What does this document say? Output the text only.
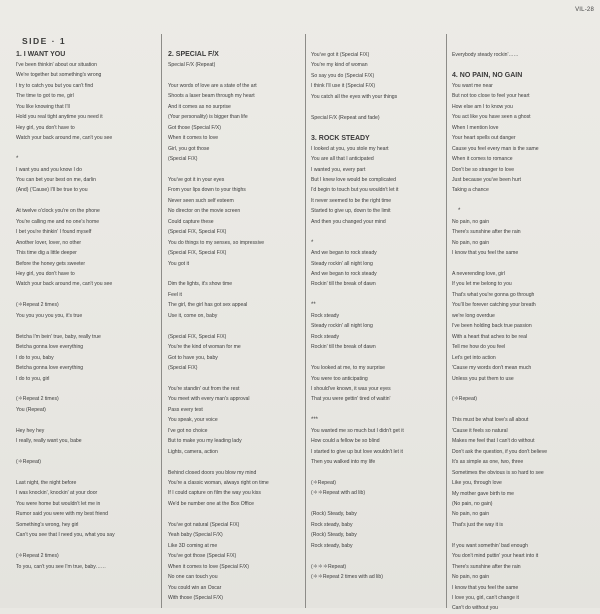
VIL-28
SIDE · 1
1. I WANT YOU
I've been thinkin' about our situation
We're together but something's wrong
I try to catch you but you can't find
The time to got to me, girl
You like knowing that I'll
Hold you real tight anytime you need it
Hey girl, you don't have to
Watch your back around me, can't you see
*
I want you and you know I do
You can bet your best on me, darlin
(And) ('Cause) I'll be true to you
At twelve o'clock you're on the phone
You're calling me and no one's home
I bet you're thinkin' I found myself
Another lover, lover, no other
This time dig a little deeper
Before the honey gets sweeter
Hey girl, you don't have to
Watch your back around me, can't you see
(＊Repeat 2 times)
You you you you you, it's true
Betcha I'm bein' true, baby, really true
Betcha gonna love everything
I do to you, baby
Betcha gonna love everything
I do to you, girl
(＊Repeat 2 times)
You (Repeat)
Hey hey hey
I really, really want you, babe
(＊Repeat)
Last night, the night before
I was knockin', knockin' at your door
You were home but wouldn't let me in
Rumor said you were with my best friend
Something's wrong, hey girl
Can't you see that I need you, what you say
(＊Repeat 2 times)
To you, can't you see I'm true, baby……
2. SPECIAL F/X
Special F/X (Repeat)
Your words of love are a state of the art
Shoots a laser beam through my heart
And it comes as no surprise
(Your personality) is bigger than life
Got those (Special F/X)
When it comes to love
Girl, you got those
(Special F/X)
You've got it in your eyes
From your lips down to your thighs
Never seen such self esteem
No director on the movie screen
Could capture these
(Special F/X, Special F/X)
You do things to my senses, so impressive
(Special F/X, Special F/X)
You got it
Dim the lights, it's show time
Feel it
The girl, the girl has got sex appeal
Use it, come on, baby
(Special F/X, Special F/X)
You're the kind of woman for me
Got to have you, baby
(Special F/X)
You're standin' out from the rest
You meet with every man's approval
Pass every test
You speak, your voice
I've got no choice
But to make you my leading lady
Lights, camera, action
Behind closed doors you blow my mind
You're a classic woman, always right on time
If I could capture on film the way you kiss
We'd be number one at the Box Office
You've got natural (Special F/X)
Yeah baby (Special F/X)
Like 3D coming at me
You've got those (Special F/X)
When it comes to love (Special F/X)
No one can touch you
You could win an Oscar
With those (Special F/X)
You've got it (Special F/X)
You're my kind of woman
So say you do (Special F/X)
I think I'll use it (Special F/X)
You catch all the eyes with your things
Special F/X (Repeat and fade)
3. ROCK STEADY
I looked at you, you stole my heart
You are all that I anticipated
I wanted you, every part
But I knew love would be complicated
I'd begin to touch but you wouldn't let it
It never seemed to be the right time
Started to give up, down to the limit
And then you changed your mind
*
And we began to rock steady
Steady rockin' all night long
And we began to rock steady
Rockin' till the break of dawn
**
Rock steady
Steady rockin' all night long
Rock steady
Rockin' till the break of dawn
You looked at me, to my surprise
You were too anticipating
I should've known, it was your eyes
That you were gettin' tired of waitin'
***
You wanted me so much but I didn't get it
How could a fellow be so blind
I started to give up but love wouldn't let it
Then you walked into my life
(＊Repeat)
(＊＊Repeat with ad lib)
(Rock) Steady, baby
Rock steady, baby
(Rock) Steady, baby
Rock steady, baby
(＊＊＊Repeat)
(＊＊Repeat 2 times with ad lib)
Everybody steady rockin'……
4. NO PAIN, NO GAIN
You want me near
But not too close to feel your heart
How else am I to know you
You act like you have seen a ghost
When I mention love
Your heart spells out danger
Cause you feel every man is the same
When it comes to romance
Don't be so stranger to love
Just because you've been hurt
Taking a chance
*
No pain, no gain
There's sunshine after the rain
No pain, no gain
I know that you feel the same
A neverending love, girl
If you let me belong to you
That's what you're gonna go through
You'll be forever catching your breath
we're long overdue
I've been holding back true passion
With a heart that aches to be real
Tell me how do you feel
Let's get into action
'Cause my words don't mean much
Unless you put them to use
(＊Repeat)
This must be what love's all about
'Cause it feels so natural
Makes me feel that I can't do without
Don't ask the question, if you don't believe
It's as simple as one, two, three
Sometimes the obvious is so hard to see
Like you, through love
My mother gave birth to me
(No pain, no gain)
No pain, no gain
That's just the way it is
If you want somethin' bad enough
You don't mind puttin' your heart into it
There's sunshine after the rain
No pain, no gain
I know that you feel the same
I love you, girl, can't change it
Can't do without you
